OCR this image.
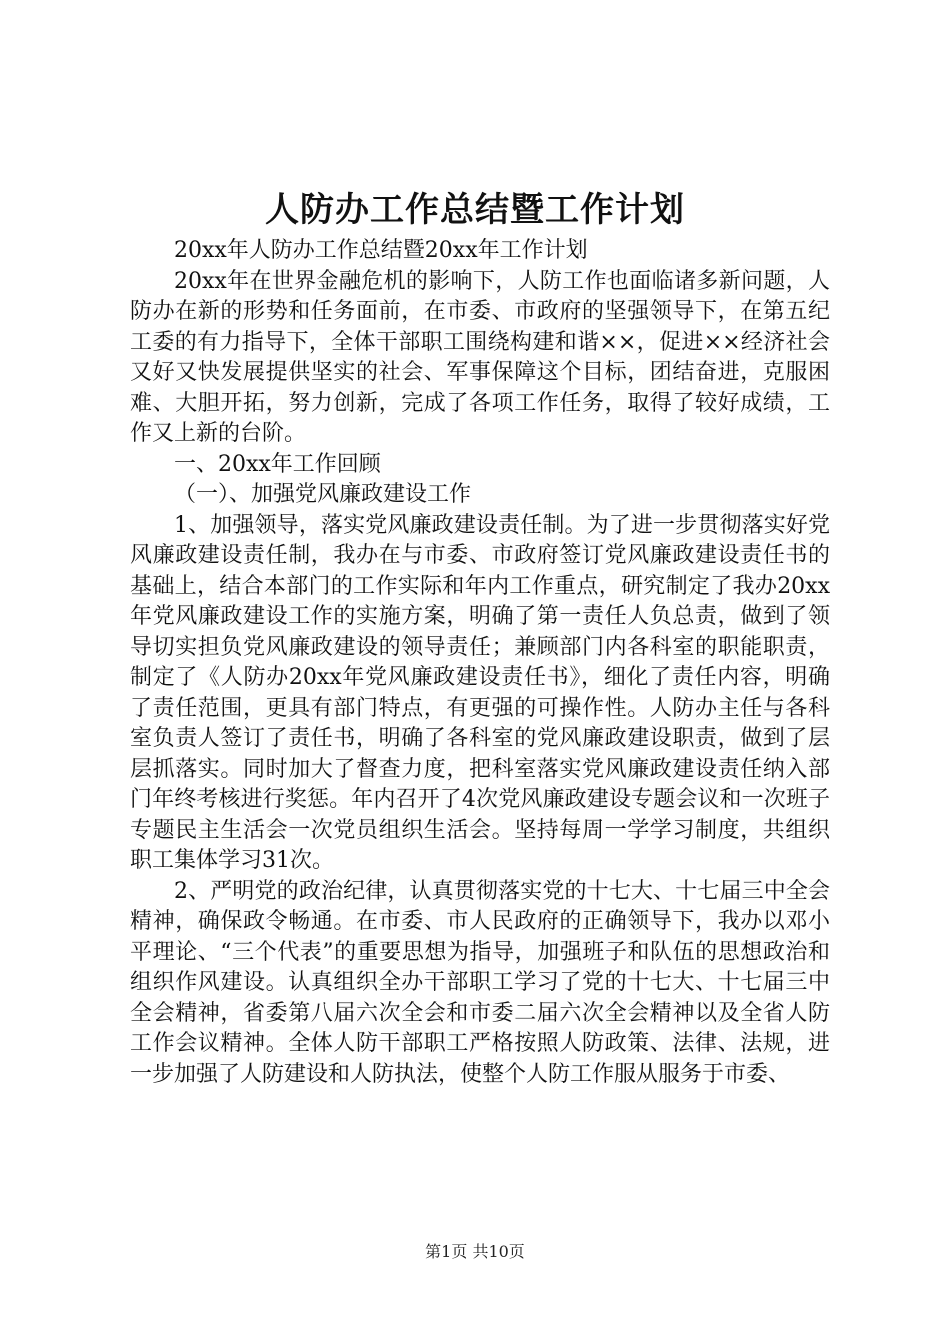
人防办工作总结暨工作计划

20xx年人防办工作总结暨20xx年工作计划

20xx年在世界金融危机的影响下，人防工作也面临诸多新问题，人防办在新的形势和任务面前，在市委、市政府的坚强领导下，在第五纪工委的有力指导下，全体干部职工围绕构建和谐××，促进××经济社会又好又快发展提供坚实的社会、军事保障这个目标，团结奋进，克服困难、大胆开拓，努力创新，完成了各项工作任务，取得了较好成绩，工作又上新的台阶。

一、20xx年工作回顾

（一）、加强党风廉政建设工作

1、加强领导，落实党风廉政建设责任制。为了进一步贯彻落实好党风廉政建设责任制，我办在与市委、市政府签订党风廉政建设责任书的基础上，结合本部门的工作实际和年内工作重点，研究制定了我办20xx年党风廉政建设工作的实施方案，明确了第一责任人负总责，做到了领导切实担负党风廉政建设的领导责任；兼顾部门内各科室的职能职责，制定了《人防办20xx年党风廉政建设责任书》，细化了责任内容，明确了责任范围，更具有部门特点，有更强的可操作性。人防办主任与各科室负责人签订了责任书，明确了各科室的党风廉政建设职责，做到了层层抓落实。同时加大了督查力度，把科室落实党风廉政建设责任纳入部门年终考核进行奖惩。年内召开了4次党风廉政建设专题会议和一次班子专题民主生活会一次党员组织生活会。坚持每周一学学习制度，共组织职工集体学习31次。

2、严明党的政治纪律，认真贯彻落实党的十七大、十七届三中全会精神，确保政令畅通。在市委、市人民政府的正确领导下，我办以邓小平理论、“三个代表”的重要思想为指导，加强班子和队伍的思想政治和组织作风建设。认真组织全办干部职工学习了党的十七大、十七届三中全会精神，省委第八届六次全会和市委二届六次全会精神以及全省人防工作会议精神。全体人防干部职工严格按照人防政策、法律、法规，进一步加强了人防建设和人防执法，使整个人防工作服从服务于市委、

第1页 共10页
